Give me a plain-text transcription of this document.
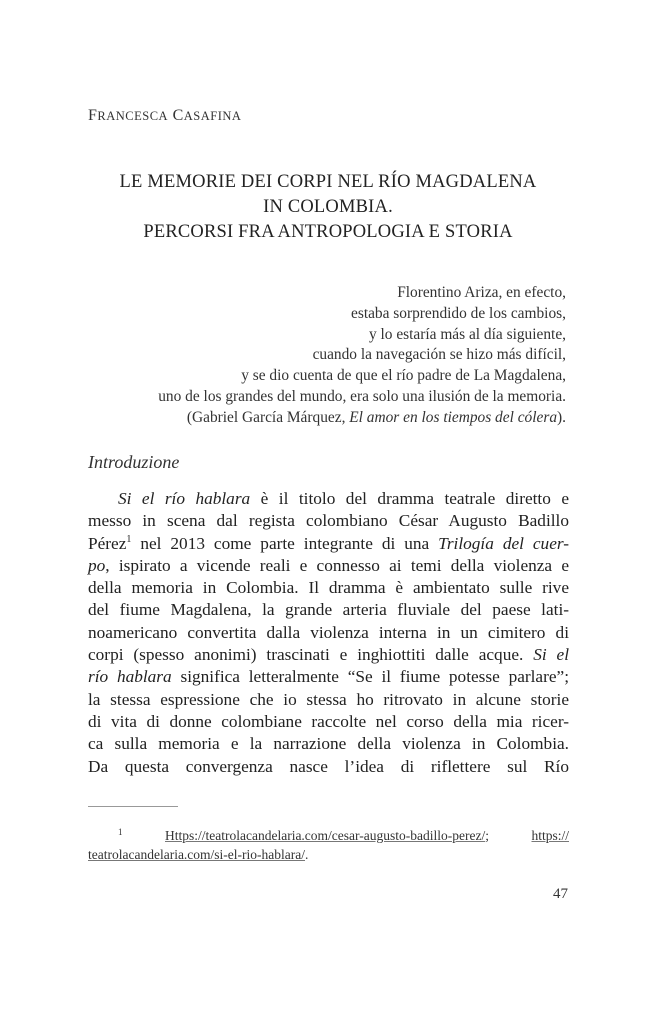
FRANCESCA CASAFINA
LE MEMORIE DEI CORPI NEL RÍO MAGDALENA
IN COLOMBIA.
PERCORSI FRA ANTROPOLOGIA E STORIA
Florentino Ariza, en efecto,
estaba sorprendido de los cambios,
y lo estaría más al día siguiente,
cuando la navegación se hizo más difícil,
y se dio cuenta de que el río padre de La Magdalena,
uno de los grandes del mundo, era solo una ilusión de la memoria.
(Gabriel García Márquez, El amor en los tiempos del cólera).
Introduzione
Si el río hablara è il titolo del dramma teatrale diretto e
messo in scena dal regista colombiano César Augusto Badillo
Pérez$^1$ nel 2013 come parte integrante di una Trilogía del cuer-
po, ispirato a vicende reali e connesso ai temi della violenza e
della memoria in Colombia. Il dramma è ambientato sulle rive
del fiume Magdalena, la grande arteria fluviale del paese lati-
noamericano convertita dalla violenza interna in un cimitero di
corpi (spesso anonimi) trascinati e inghiottiti dalle acque. Si el
río hablara significa letteralmente “Se il fiume potesse parlare”;
la stessa espressione che io stessa ho ritrovato in alcune storie
di vita di donne colombiane raccolte nel corso della mia ricer-
ca sulla memoria e la narrazione della violenza in Colombia.
Da questa convergenza nasce l’idea di riflettere sul Río
$^1$	Https://teatrolacandelaria.com/cesar-augusto-badillo-perez/; https://
teatrolacandelaria.com/si-el-rio-hablara/.
47
